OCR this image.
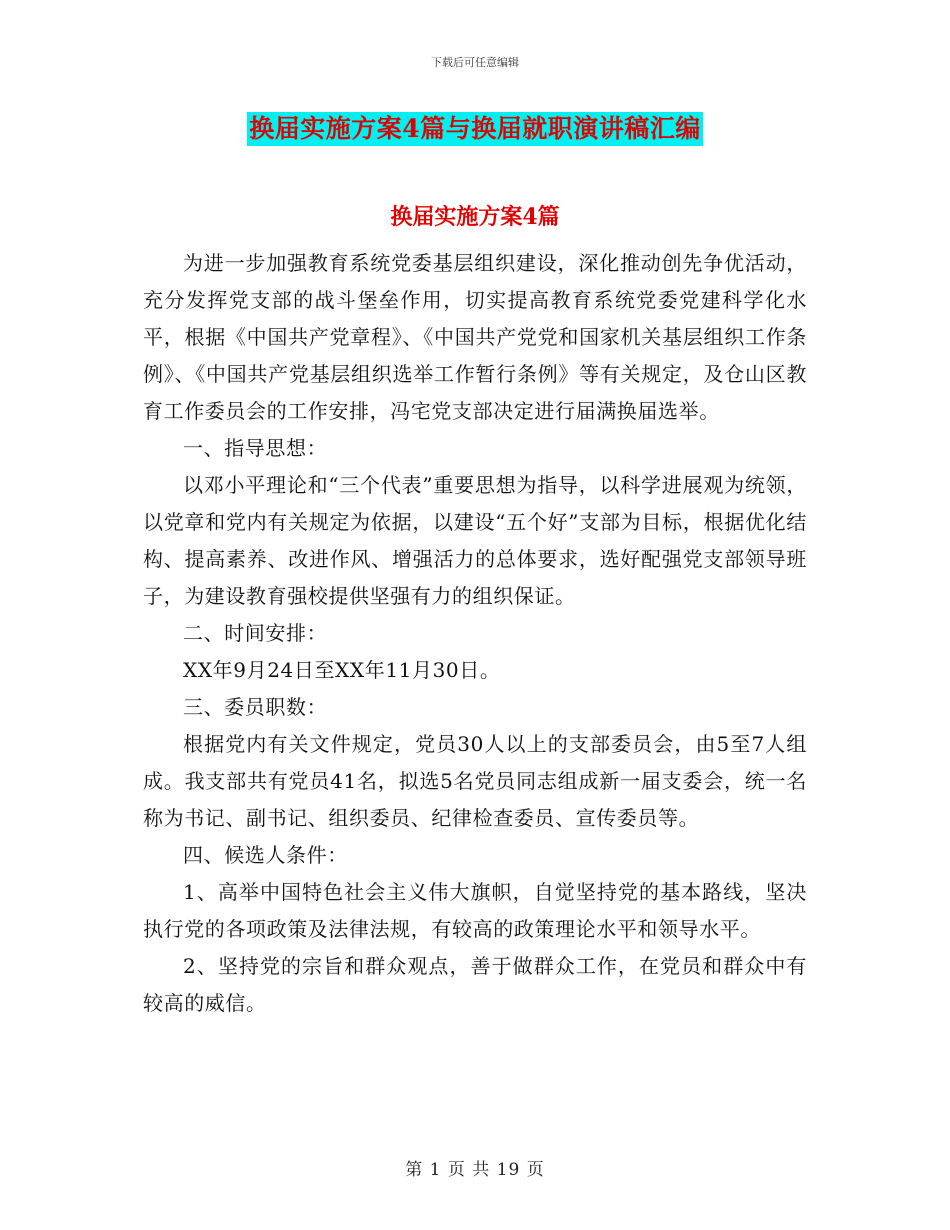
下载后可任意编辑
换届实施方案4篇与换届就职演讲稿汇编
换届实施方案4篇

为进一步加强教育系统党委基层组织建设，深化推动创先争优活动，充分发挥党支部的战斗堡垒作用，切实提高教育系统党委党建科学化水平，根据《中国共产党章程》、《中国共产党党和国家机关基层组织工作条例》、《中国共产党基层组织选举工作暂行条例》等有关规定，及仓山区教育工作委员会的工作安排，冯宅党支部决定进行届满换届选举。

一、指导思想：

以邓小平理论和“三个代表”重要思想为指导，以科学进展观为统领，以党章和党内有关规定为依据，以建设“五个好”支部为目标，根据优化结构、提高素养、改进作风、增强活力的总体要求，选好配强党支部领导班子，为建设教育强校提供坚强有力的组织保证。

二、时间安排：

XX年9月24日至XX年11月30日。

三、委员职数：

根据党内有关文件规定，党员30人以上的支部委员会，由5至7人组成。我支部共有党员41名，拟选5名党员同志组成新一届支委会，统一名称为书记、副书记、组织委员、纪律检查委员、宣传委员等。

四、候选人条件：

1、高举中国特色社会主义伟大旗帜，自觉坚持党的基本路线，坚决执行党的各项政策及法律法规，有较高的政策理论水平和领导水平。

2、坚持党的宗旨和群众观点，善于做群众工作，在党员和群众中有较高的威信。

第 1 页 共 19 页
